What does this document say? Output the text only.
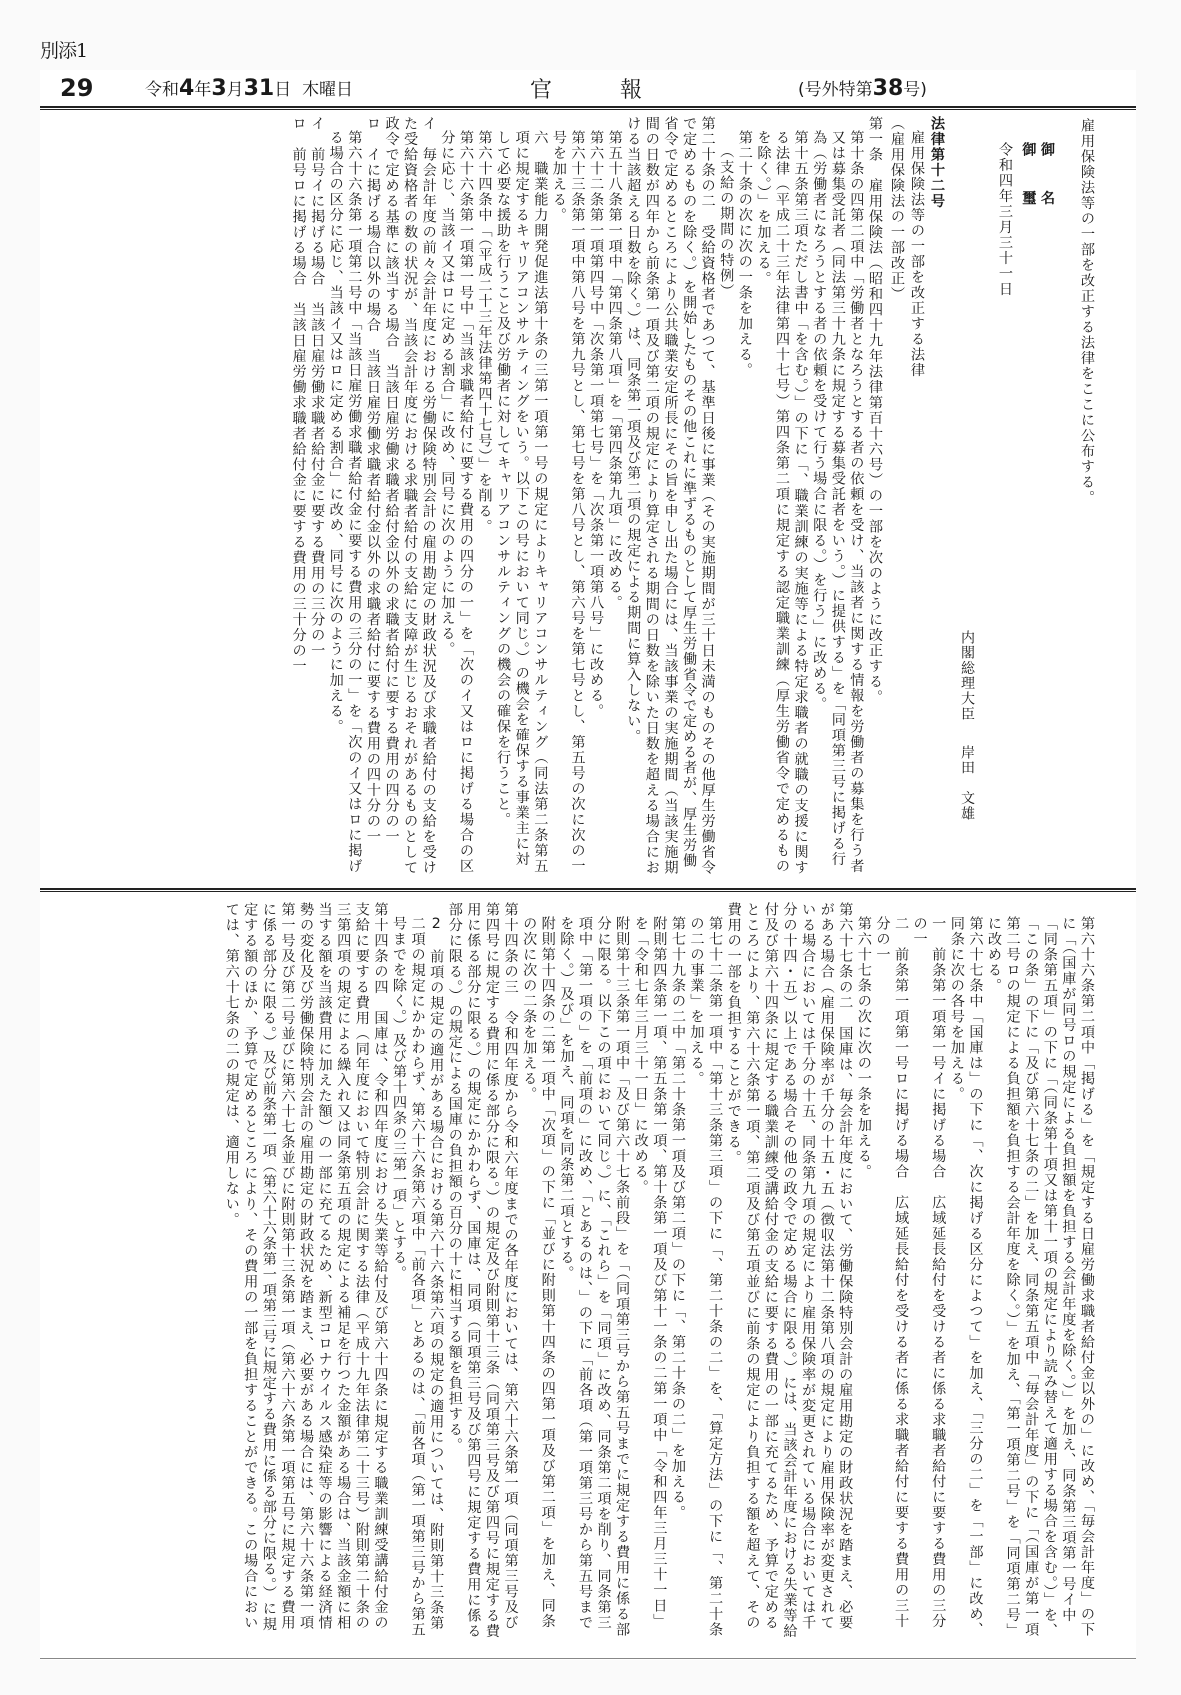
別添1
29	令和4年3月31日 木曜日	官	報	(号外特第38号)
雇用保険法等の一部を改正する法律をここに公布する。
御名　御璽
令和四年三月三十一日
内閣総理大臣
岸田　文雄
法律第十二号
雇用保険法等の一部を改正する法律
（雇用保険法の一部改正）

第一条　雇用保険法（昭和四十九年法律第百十六号）の一部を次のように改正する。

第十条の四第二項中「労働者となろうとする者の依頼を受け、当該者に関する情報を労働者の募集を行う者又は募集受託者（同法第三十九条に規定する募集受託者をいう。）に提供する」を「同項第三号に掲げる行為（労働者になろうとする者の依頼を受けて行う場合に限る。）を行う」に改める。

第十五条第三項ただし書中「を含む。）」の下に「、職業訓練の実施等による特定求職者の就職の支援に関する法律（平成二十三年法律第四十七号）第四条第二項に規定する認定職業訓練（厚生労働省令で定めるものを除く。）」を加える。

第二十条の次に次の一条を加える。

（支給の期間の特例）

第二十条の二　受給資格者であつて、基準日後に事業（その実施期間が三十日未満のものその他厚生労働省令で定めるものを除く。）を開始したものその他これに準ずるものとして厚生労働省令で定める者が、厚生労働省令で定めるところにより公共職業安定所長にその旨を申し出た場合には、当該事業の実施期間（当該実施期間の日数が四年から前条第一項及び第二項の規定により算定される期間の日数を除いた日数を超える場合における当該超える日数を除く。）は、同条第一項及び第二項の規定による期間に算入しない。

第五十八条第一項中「第四条第八項」を「第四条第九項」に改める。

第六十二条第一項第四号中「次条第一項第七号」を「次条第一項第八号」に改める。

第六十三条第一項中第八号を第九号とし、第七号を第八号とし、第六号を第七号とし、第五号の次に次の一号を加える。

六　職業能力開発促進法第十条の三第一項第一号の規定によりキャリアコンサルティング（同法第二条第五項に規定するキャリアコンサルティングをいう。以下この号において同じ。）の機会を確保する事業主に対して必要な援助を行うこと及び労働者に対してキャリアコンサルティングの機会の確保を行うこと。

第六十四条中「（平成二十三年法律第四十七号）」を削る。

第六十六条第一項第一号中「当該求職者給付に要する費用の四分の一」を「次のイ又はロに掲げる場合の区分に応じ、当該イ又はロに定める割合」に改め、同号に次のように加える。

イ　毎会計年度の前々会計年度における労働保険特別会計の雇用勘定の財政状況及び求職者給付の支給を受けた受給資格者の数の状況が、当該会計年度における求職者給付の支給に支障が生じるおそれがあるものとして政令で定める基準に該当する場合　当該日雇労働求職者給付金以外の求職者給付に要する費用の四分の一

ロ　イに掲げる場合以外の場合　当該日雇労働求職者給付金以外の求職者給付に要する費用の四十分の一

第六十六条第一項第二号中「当該日雇労働求職者給付金に要する費用の三分の一」を「次のイ又はロに掲げる場合の区分に応じ、当該イ又はロに定める割合」に改め、同号に次のように加える。

イ　前号イに掲げる場合　当該日雇労働求職者給付金に要する費用の三分の一

ロ　前号ロに掲げる場合　当該日雇労働求職者給付金に要する費用の三十分の一

第六十六条第二項中「掲げる」を「規定する日雇労働求職者給付金以外の」に改め、「毎会計年度」の下に「（国庫が同号ロの規定による負担額を負担する会計年度を除く。）」を加え、同条第三項第一号イ中「同条第五項」の下に「（同条第十項又は第十一項の規定により読み替えて適用する場合を含む。）」を、「この条」の下に「及び第六十七条の二」を加え、同条第五項中「毎会計年度」の下に「（国庫が第一項第二号ロの規定による負担額を負担する会計年度を除く。）」を加え、「第一項第二号」を「同項第二号」に改める。

第六十七条中「国庫は」の下に「、次に掲げる区分によつて」を加え、「三分の二」を「一部」に改め、同条に次の各号を加える。

一　前条第一項第一号イに掲げる場合　広域延長給付を受ける者に係る求職者給付に要する費用の三分の一

二　前条第一項第一号ロに掲げる場合　広域延長給付を受ける者に係る求職者給付に要する費用の三十分の一

第六十七条の次に次の一条を加える。

第六十七条の二　国庫は、毎会計年度において、労働保険特別会計の雇用勘定の財政状況を踏まえ、必要がある場合（雇用保険率が千分の十五・五（徴収法第十二条第八項の規定により雇用保険率が変更されている場合においては千分の十五、同条第九項の規定により雇用保険率が変更されている場合においては千分の十四・五）以上である場合その他の政令で定める場合に限る。）には、当該会計年度における失業等給付及び第六十四条に規定する職業訓練受講給付金の支給に要する費用の一部に充てるため、予算で定めるところにより、第六十六条第一項、第二項及び第五項並びに前条の規定により負担する額を超えて、その費用の一部を負担することができる。

第七十二条第一項中「第十三条第三項」の下に「、第二十条の二」を、「算定方法」の下に「、第二十条の二の事業」を加える。

第七十九条の二中「第二十条第一項及び第二項」の下に「、第二十条の二」を加える。

附則第四条第一項、第五条第一項、第十条第一項及び第十一条の二第一項中「令和四年三月三十一日」を「令和七年三月三十一日」に改める。

附則第十三条第一項中「及び第六十七条前段」を「（同項第三号から第五号までに規定する費用に係る部分に限る。以下この項において同じ。）に、「これら」を「同項」に改め、同条第二項を削り、同条第三項中「第一項の」を「前項の」に改め、「とあるのは、」の下に「前各項（第一項第三号から第五号までを除く。）及び」を加え、同項を同条第二項とする。

附則第十四条の二第一項中「次項」の下に「並びに附則第十四条の四第一項及び第二項」を加え、同条の次に次の二条を加える。

第十四条の三　令和四年度から令和六年度までの各年度においては、第六十六条第一項（同項第三号及び第四号に規定する費用に係る部分に限る。）の規定及び附則第十三条（同項第三号及び第四号に規定する費用に係る部分に限る。）の規定にかかわらず、国庫は、同項（同項第三号及び第四号に規定する費用に係る部分に限る。）の規定による国庫の負担額の百分の十に相当する額を負担する。

2　前項の規定の適用がある場合における第六十六条第六項の規定の適用については、附則第十三条第二項の規定にかかわらず、第六十六条第六項中「前各項」とあるのは、「前各項（第一項第三号から第五号までを除く。）及び第十四条の三第一項」とする。

第十四条の四　国庫は、令和四年度における失業等給付及び第六十四条に規定する職業訓練受講給付金の支給に要する費用（同年度において特別会計に関する法律（平成十九年法律第二十三号）附則第二十条の三第四項の規定による繰入れ又は同条第五項の規定による補足を行つた金額がある場合は、当該金額に相当する額を当該費用に加えた額）の一部に充てるため、新型コロナウイルス感染症等の影響による経済情勢の変化及び労働保険特別会計の雇用勘定の財政状況を踏まえ、必要がある場合には、第六十六条第一項第一号及び第二号並びに第六十七条並びに附則第十三条第一項（第六十六条第一項第五号に規定する費用に係る部分に限る。）及び前条第一項（第六十六条第一項第三号に規定する費用に係る部分に限る。）に規定する額のほか、予算で定めるところにより、その費用の一部を負担することができる。この場合においては、第六十七条の二の規定は、適用しない。
